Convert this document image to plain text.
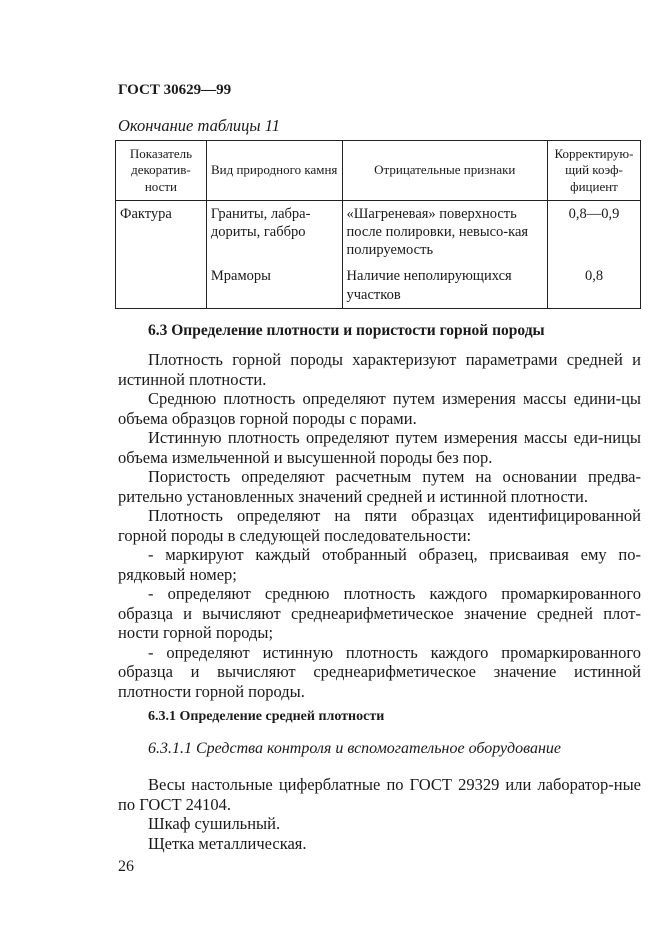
ГОСТ 30629—99
Окончание таблицы 11
Показатель декоратив-ности	Вид природного камня	Отрицательные признаки	Корректирую-щий коэф-фициент
Фактура	Граниты, лабра-дориты, габбро	«Шагреневая» поверхность после полировки, невысо-кая полируемость	0,8—0,9
	Мраморы	Наличие неполирующихся участков	0,8
6.3 Определение плотности и пористости горной породы

Плотность горной породы характеризуют параметрами средней и истинной плотности.

Среднюю плотность определяют путем измерения массы едини-цы объема образцов горной породы с порами.

Истинную плотность определяют путем измерения массы еди-ницы объема измельченной и высушенной породы без пор.

Пористость определяют расчетным путем на основании предва-рительно установленных значений средней и истинной плотности.

Плотность определяют на пяти образцах идентифицированной горной породы в следующей последовательности:

- маркируют каждый отобранный образец, присваивая ему по-рядковый номер;

- определяют среднюю плотность каждого промаркированного образца и вычисляют среднеарифметическое значение средней плот-ности горной породы;

- определяют истинную плотность каждого промаркированного образца и вычисляют среднеарифметическое значение истинной плотности горной породы.

6.3.1 Определение средней плотности
6.3.1.1 Средства контроля и вспомогательное оборудование

Весы настольные циферблатные по ГОСТ 29329 или лаборатор-ные по ГОСТ 24104.

Шкаф сушильный.

Щетка металлическая.

26
